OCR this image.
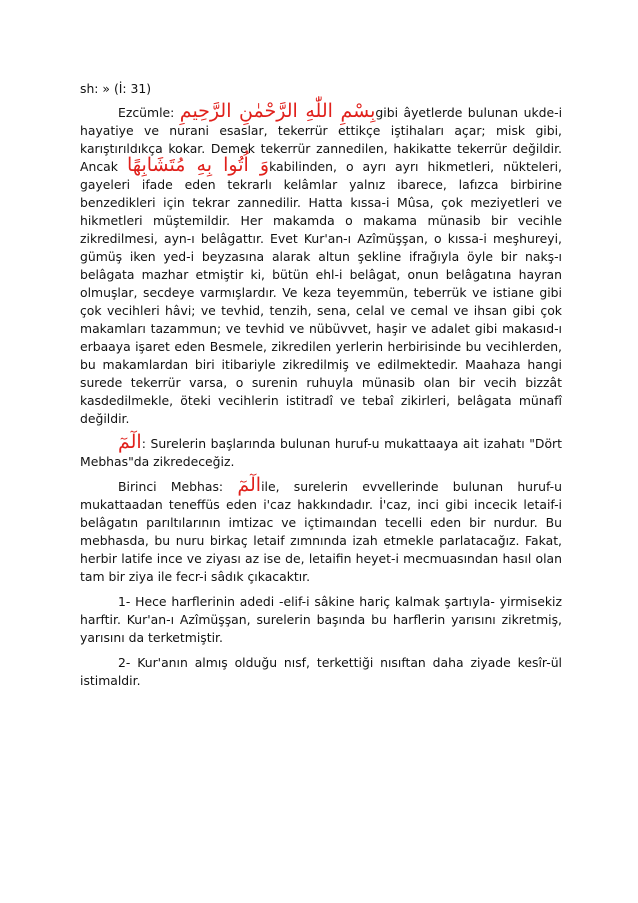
sh: » (İ: 31)

Ezcümle: بِسْمِ اللّٰهِ الرَّحْمٰنِ الرَّحِيمِgibi âyetlerde bulunan ukde-i hayatiye ve nurani esaslar, tekerrür ettikçe iştihaları açar; misk gibi, karıştırıldıkça kokar. Demek tekerrür zannedilen, hakikatte tekerrür değildir. Ancak وَ اُتُوا بِهِ مُتَشَابِهًاkabilinden, o ayrı ayrı hikmetleri, nükteleri, gayeleri ifade eden tekrarlı kelâmlar yalnız ibarece, lafızca birbirine benzedikleri için tekrar zannedilir. Hatta kıssa-i Mûsa, çok meziyetleri ve hikmetleri müştemildir. Her makamda o makama münasib bir vecihle zikredilmesi, ayn-ı belâgattır. Evet Kur'an-ı Azîmüşşan, o kıssa-i meşhureyi, gümüş iken yed-i beyzasına alarak altun şekline ifrağıyla öyle bir nakş-ı belâgata mazhar etmiştir ki, bütün ehl-i belâgat, onun belâgatına hayran olmuşlar, secdeye varmışlardır. Ve keza teyemmün, teberrük ve istiane gibi çok vecihleri hâvi; ve tevhid, tenzih, sena, celal ve cemal ve ihsan gibi çok makamları tazammun; ve tevhid ve nübüvvet, haşir ve adalet gibi makasıd-ı erbaaya işaret eden Besmele, zikredilen yerlerin herbirisinde bu vecihlerden, bu makamlardan biri itibariyle zikredilmiş ve edilmektedir. Maahaza hangi surede tekerrür varsa, o surenin ruhuyla münasib olan bir vecih bizzât kasdedilmekle, öteki vecihlerin istitradî ve tebaî zikirleri, belâgata münafî değildir.

الٓمٓ: Surelerin başlarında bulunan huruf-u mukattaaya ait izahatı "Dört Mebhas"da zikredeceğiz.

Birinci Mebhas: الٓمٓile, surelerin evvellerinde bulunan huruf-u mukattaadan teneffüs eden i'caz hakkındadır. İ'caz, inci gibi incecik letaif-i belâgatın parıltılarının imtizac ve içtimaından tecelli eden bir nurdur. Bu mebhasda, bu nuru birkaç letaif zımnında izah etmekle parlatacağız. Fakat, herbir latife ince ve ziyası az ise de, letaifin heyet-i mecmuasından hasıl olan tam bir ziya ile fecr-i sâdık çıkacaktır.

1- Hece harflerinin adedi -elif-i sâkine hariç kalmak şartıyla- yirmisekiz harftir. Kur'an-ı Azîmüşşan, surelerin başında bu harflerin yarısını zikretmiş, yarısını da terketmiştir.

2- Kur'anın almış olduğu nısf, terkettiği nısıftan daha ziyade kesîr-ül istimaldir.
